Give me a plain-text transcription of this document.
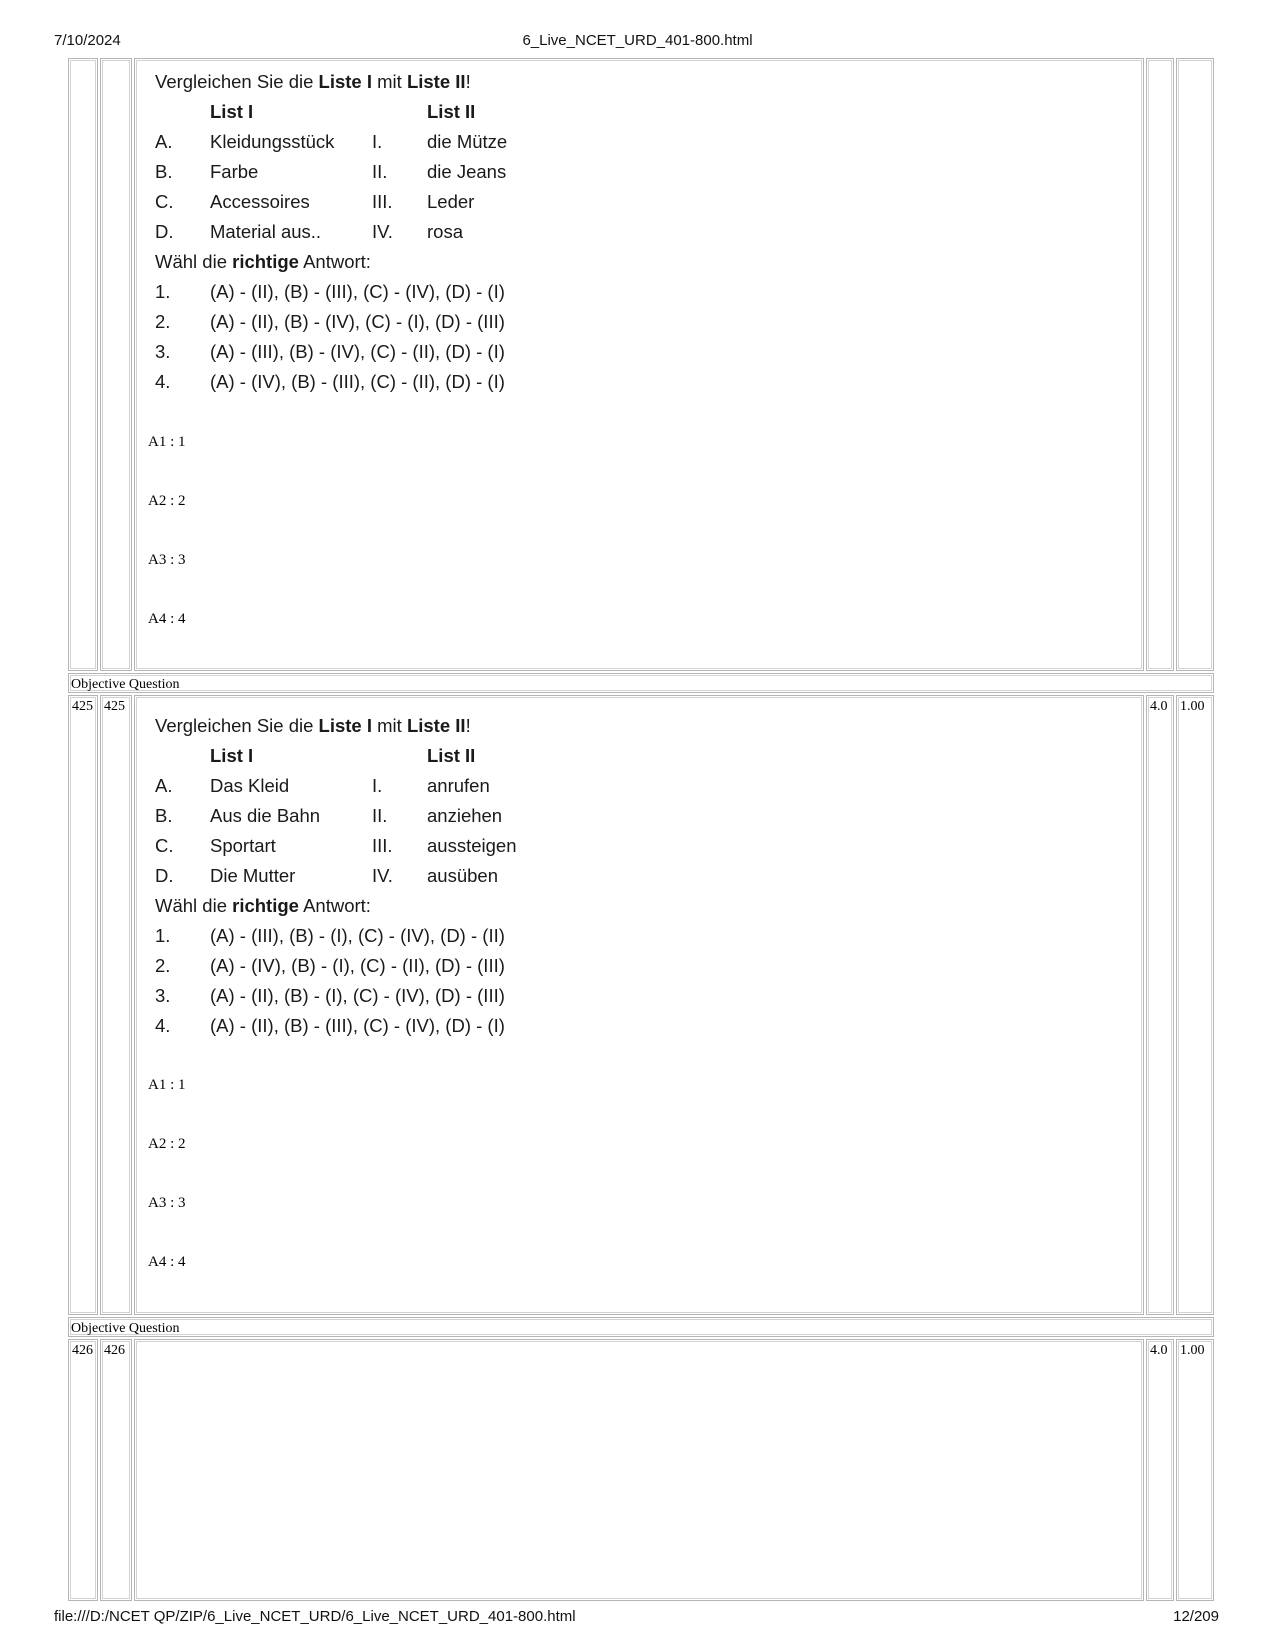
7/10/2024	6_Live_NCET_URD_401-800.html
Vergleichen Sie die Liste I mit Liste II!
List I	List II
A. Kleidungsstück I. die Mütze
B. Farbe	II. die Jeans
C. Accessoires	III. Leder
D. Material aus..	IV. rosa
Wähl die richtige Antwort:
1. (A) - (II), (B) - (III), (C) - (IV), (D) - (I)
2. (A) - (II), (B) - (IV), (C) - (I), (D) - (III)
3. (A) - (III), (B) - (IV), (C) - (II), (D) - (I)
4. (A) - (IV), (B) - (III), (C) - (II), (D) - (I)
A1 : 1
A2 : 2
A3 : 3
A4 : 4
Objective Question
425 425	4.0 1.00
Vergleichen Sie die Liste I mit Liste II!
List I	List II
A. Das Kleid	I. anrufen
B. Aus die Bahn	II. anziehen
C. Sportart	III. aussteigen
D. Die Mutter	IV. ausüben
Wähl die richtige Antwort:
1. (A) - (III), (B) - (I), (C) - (IV), (D) - (II)
2. (A) - (IV), (B) - (I), (C) - (II), (D) - (III)
3. (A) - (II), (B) - (I), (C) - (IV), (D) - (III)
4. (A) - (II), (B) - (III), (C) - (IV), (D) - (I)
A1 : 1
A2 : 2
A3 : 3
A4 : 4
Objective Question
426 426	4.0 1.00
file:///D:/NCET QP/ZIP/6_Live_NCET_URD/6_Live_NCET_URD_401-800.html	12/209
